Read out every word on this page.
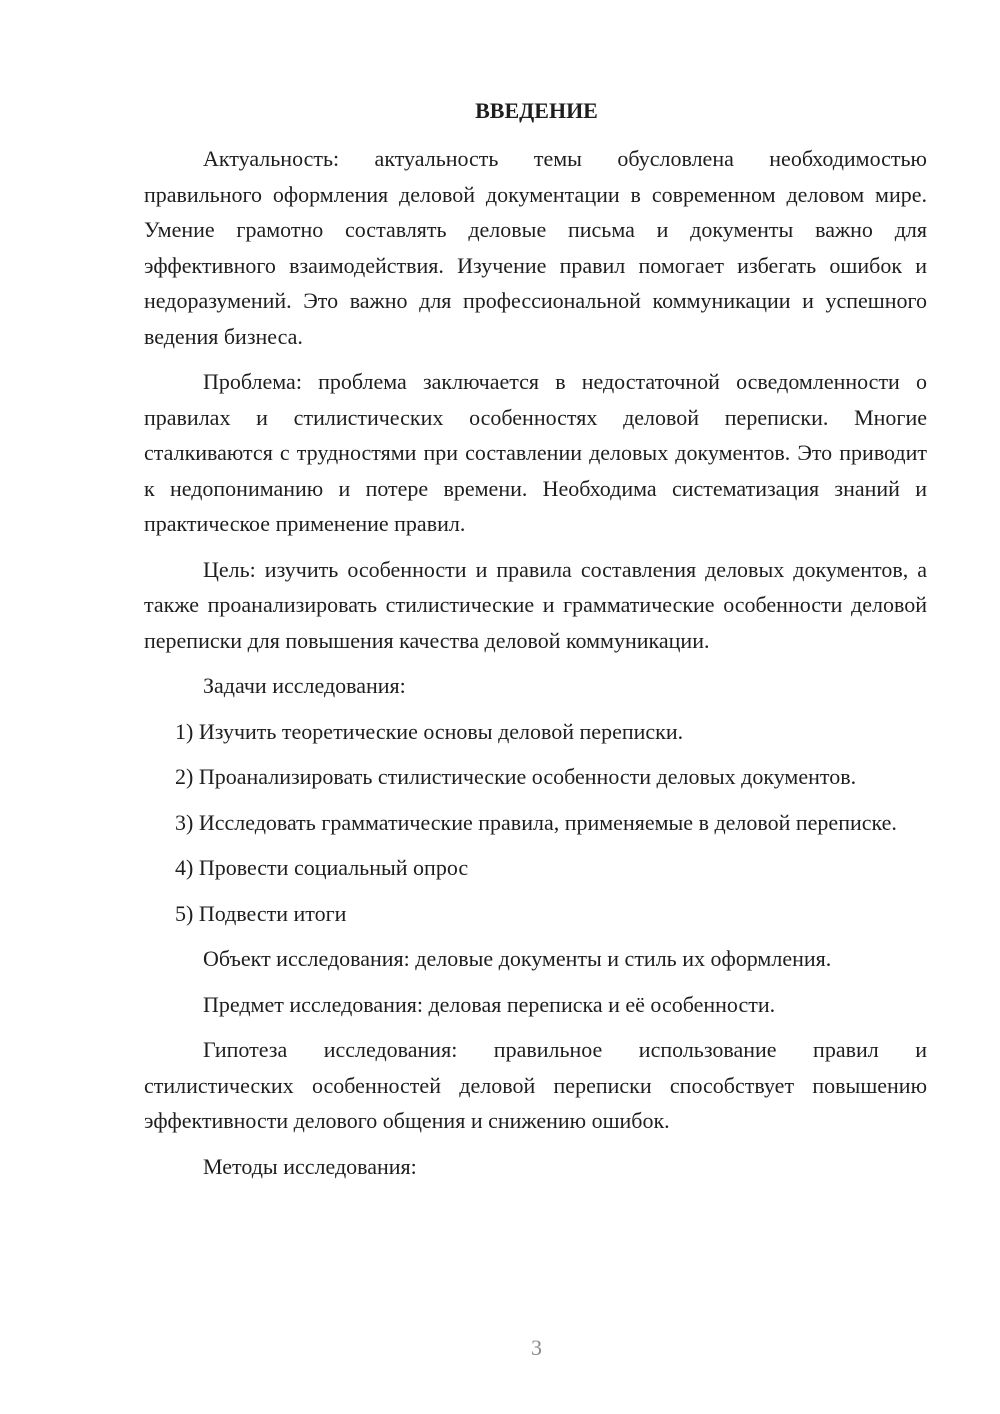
ВВЕДЕНИЕ

Актуальность: актуальность темы обусловлена необходимостью правильного оформления деловой документации в современном деловом мире. Умение грамотно составлять деловые письма и документы важно для эффективного взаимодействия. Изучение правил помогает избегать ошибок и недоразумений. Это важно для профессиональной коммуникации и успешного ведения бизнеса.

Проблема: проблема заключается в недостаточной осведомленности о правилах и стилистических особенностях деловой переписки. Многие сталкиваются с трудностями при составлении деловых документов. Это приводит к недопониманию и потере времени. Необходима систематизация знаний и практическое применение правил.

Цель: изучить особенности и правила составления деловых документов, а также проанализировать стилистические и грамматические особенности деловой переписки для повышения качества деловой коммуникации.

Задачи исследования:

1) Изучить теоретические основы деловой переписки.

2) Проанализировать стилистические особенности деловых документов.

3) Исследовать грамматические правила, применяемые в деловой переписке.

4) Провести социальный опрос

5) Подвести итоги

Объект исследования: деловые документы и стиль их оформления.

Предмет исследования: деловая переписка и её особенности.

Гипотеза исследования: правильное использование правил и стилистических особенностей деловой переписки способствует повышению эффективности делового общения и снижению ошибок.

Методы исследования:

3
